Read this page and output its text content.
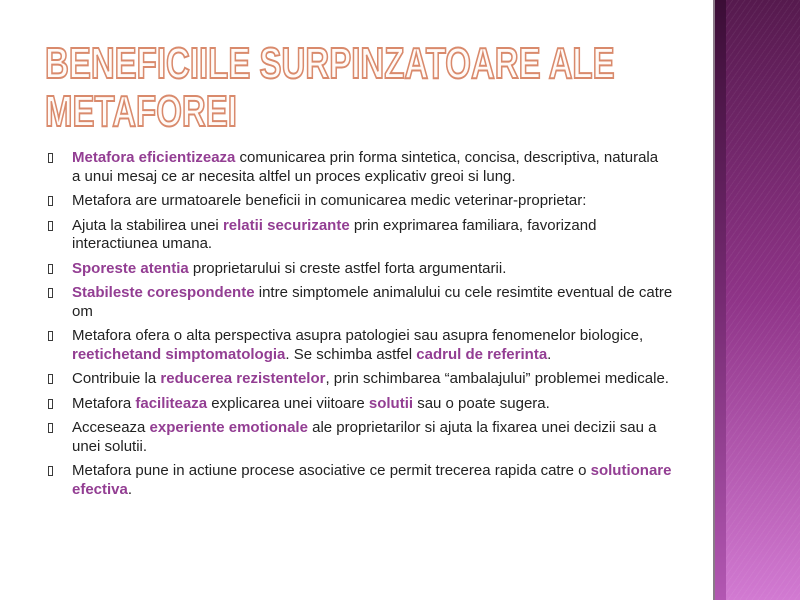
BENEFICIILE SURPINZATOARE ALE
METAFOREI
Metafora eficientizeaza comunicarea prin forma sintetica, concisa, descriptiva, naturala
a unui mesaj ce ar necesita altfel un proces explicativ greoi si lung.
Metafora are urmatoarele beneficii in comunicarea medic veterinar-proprietar:
Ajuta la stabilirea unei relatii securizante prin exprimarea familiara, favorizand
interactiunea umana.
Sporeste atentia proprietarului si creste astfel forta argumentarii.
Stabileste corespondente intre simptomele animalului cu cele resimtite eventual de catre
om
Metafora ofera o alta perspectiva asupra patologiei sau asupra fenomenelor biologice,
reetichetand simptomatologia. Se schimba astfel cadrul de referinta.
Contribuie la reducerea rezistentelor, prin schimbarea “ambalajului” problemei medicale.
Metafora faciliteaza explicarea unei viitoare solutii sau o poate sugera.
Acceseaza experiente emotionale ale proprietarilor si ajuta la fixarea unei decizii sau a
unei solutii.
Metafora pune in actiune procese asociative ce permit trecerea rapida catre o solutionare
efectiva.
